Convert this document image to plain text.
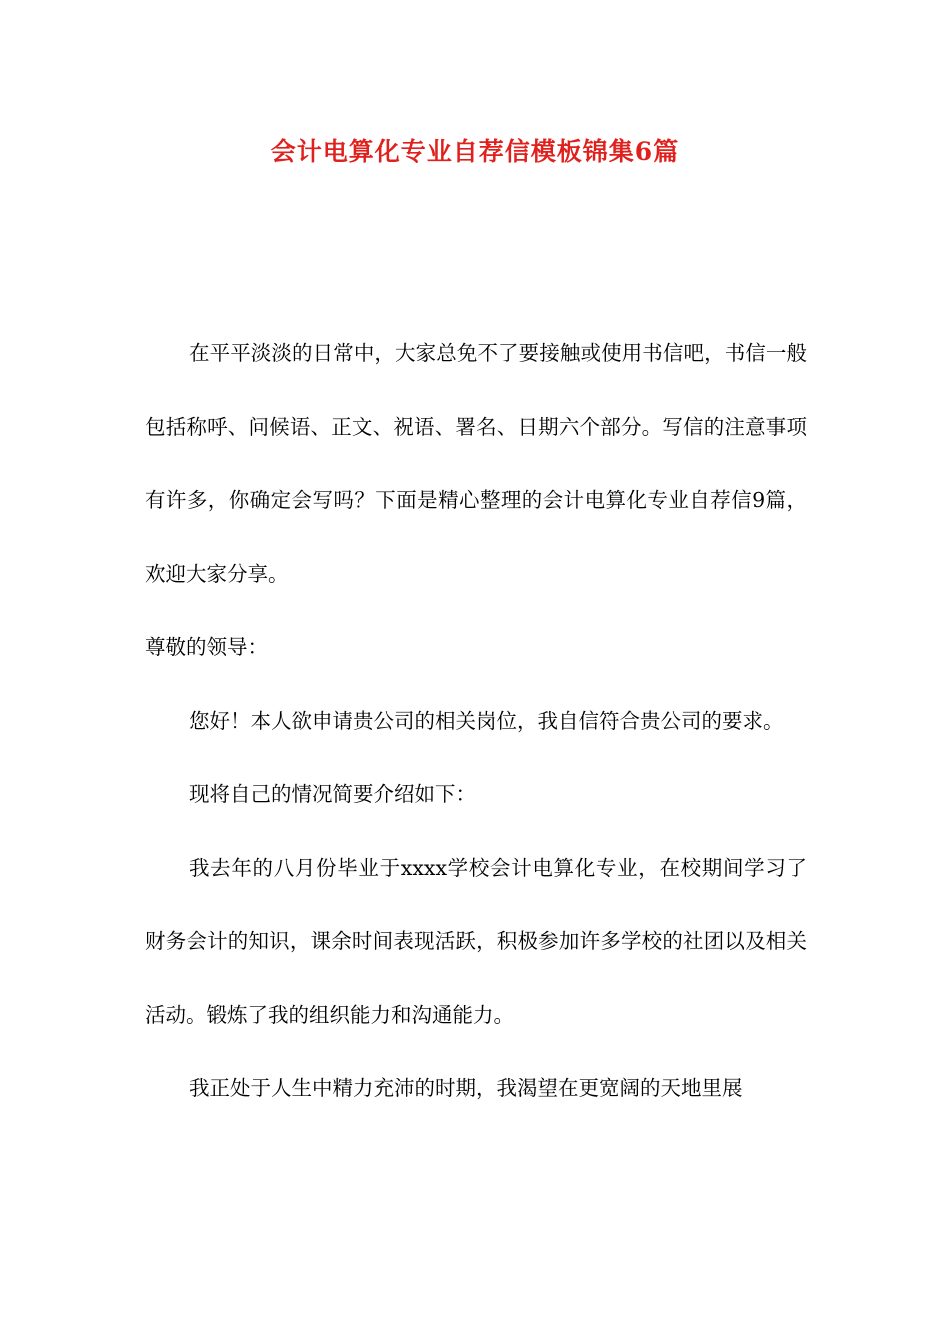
会计电算化专业自荐信模板锦集6篇

在平平淡淡的日常中，大家总免不了要接触或使用书信吧，书信一般包括称呼、问候语、正文、祝语、署名、日期六个部分。写信的注意事项有许多，你确定会写吗？下面是精心整理的会计电算化专业自荐信9篇，欢迎大家分享。

尊敬的领导：

您好！本人欲申请贵公司的相关岗位，我自信符合贵公司的要求。

现将自己的情况简要介绍如下：

我去年的八月份毕业于xxxx学校会计电算化专业，在校期间学习了财务会计的知识，课余时间表现活跃，积极参加许多学校的社团以及相关活动。锻炼了我的组织能力和沟通能力。

我正处于人生中精力充沛的时期，我渴望在更宽阔的天地里展
